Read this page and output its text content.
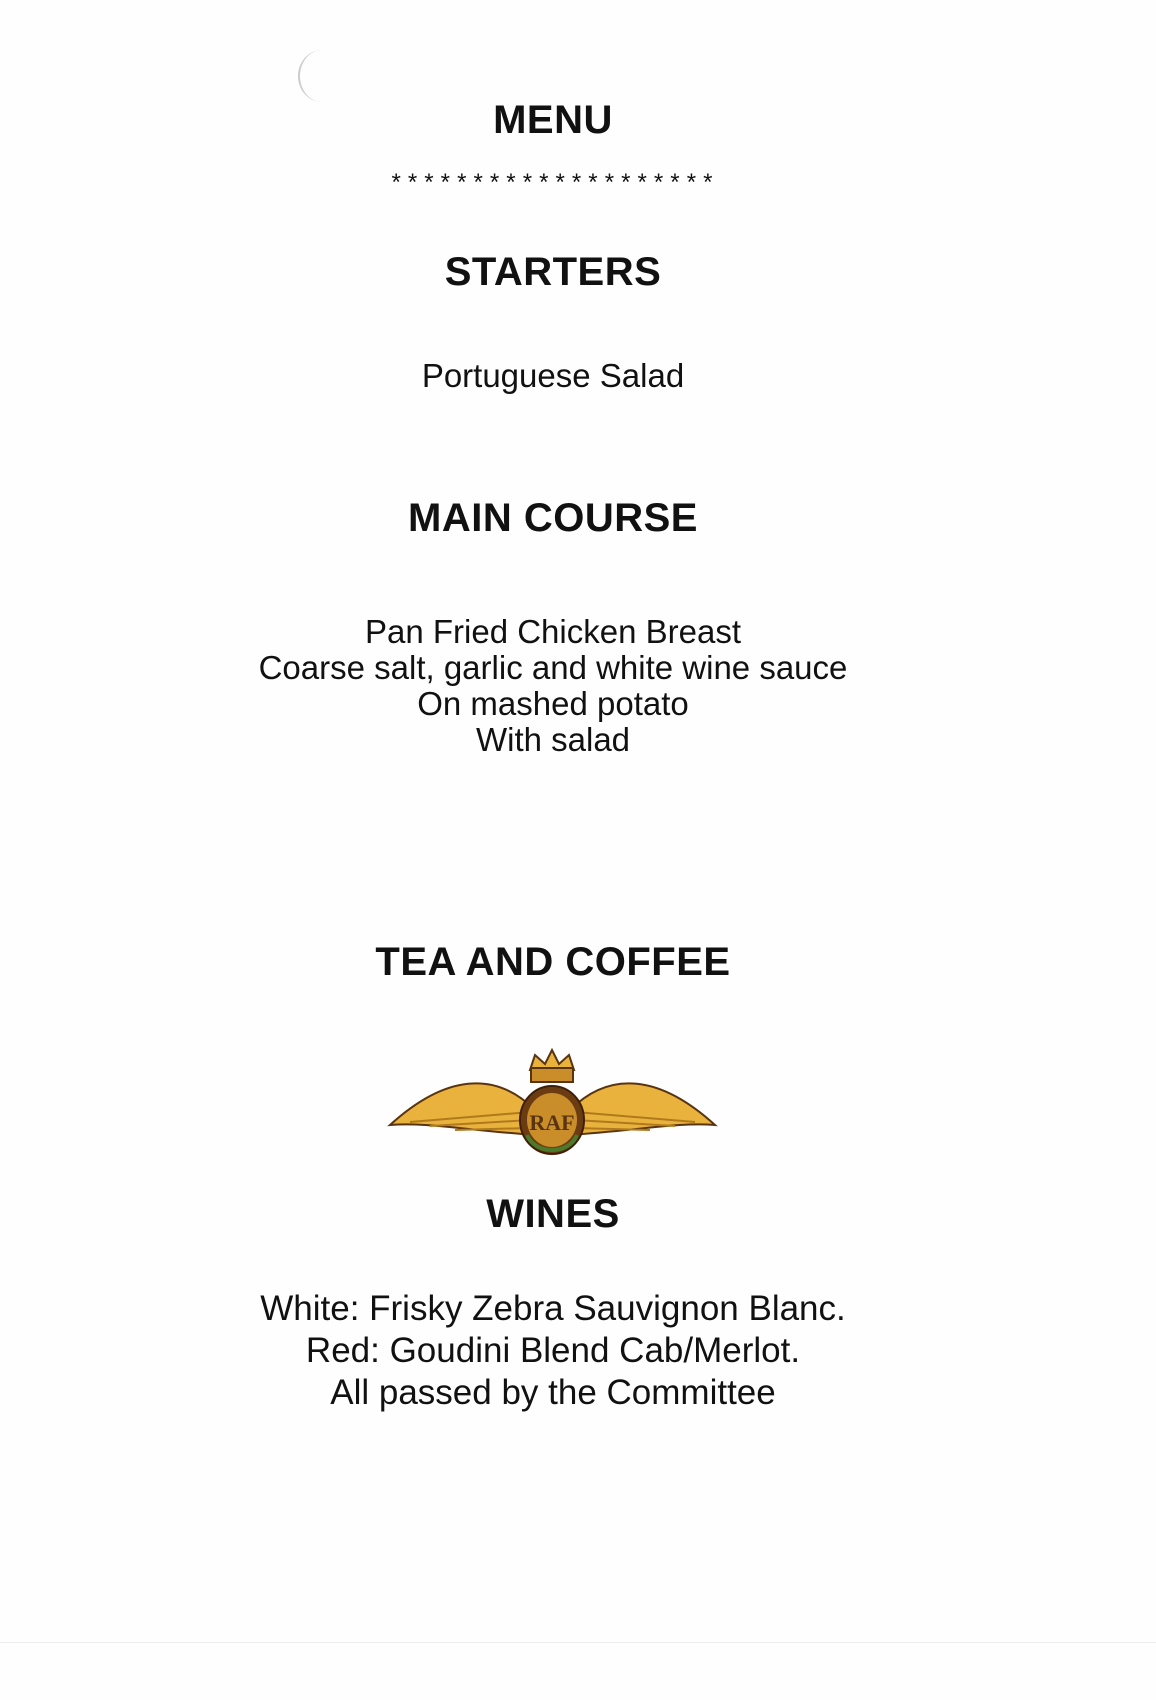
MENU
********************
STARTERS
Portuguese Salad
MAIN COURSE
Pan Fried Chicken Breast
Coarse salt, garlic and white wine sauce
On mashed potato
With salad
TEA AND COFFEE
RAF
WINES
White: Frisky Zebra Sauvignon Blanc.
Red: Goudini Blend Cab/Merlot.
All passed by the Committee
